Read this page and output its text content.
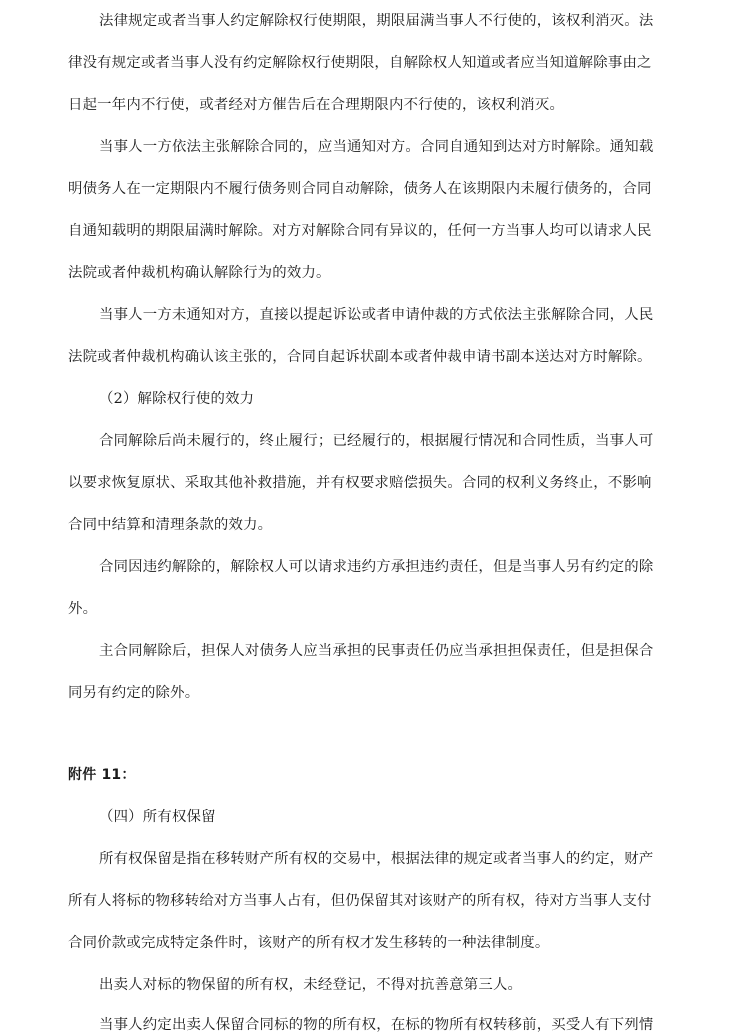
法律规定或者当事人约定解除权行使期限，期限届满当事人不行使的，该权利消灭。法
律没有规定或者当事人没有约定解除权行使期限，自解除权人知道或者应当知道解除事由之
日起一年内不行使，或者经对方催告后在合理期限内不行使的，该权利消灭。
当事人一方依法主张解除合同的，应当通知对方。合同自通知到达对方时解除。通知载
明债务人在一定期限内不履行债务则合同自动解除，债务人在该期限内未履行债务的，合同
自通知载明的期限届满时解除。对方对解除合同有异议的，任何一方当事人均可以请求人民
法院或者仲裁机构确认解除行为的效力。
当事人一方未通知对方，直接以提起诉讼或者申请仲裁的方式依法主张解除合同，人民
法院或者仲裁机构确认该主张的，合同自起诉状副本或者仲裁申请书副本送达对方时解除。
（2）解除权行使的效力
合同解除后尚未履行的，终止履行；已经履行的，根据履行情况和合同性质，当事人可
以要求恢复原状、采取其他补救措施，并有权要求赔偿损失。合同的权利义务终止，不影响
合同中结算和清理条款的效力。
合同因违约解除的，解除权人可以请求违约方承担违约责任，但是当事人另有约定的除
外。
主合同解除后，担保人对债务人应当承担的民事责任仍应当承担担保责任，但是担保合
同另有约定的除外。
附件 11：
（四）所有权保留
所有权保留是指在移转财产所有权的交易中，根据法律的规定或者当事人的约定，财产
所有人将标的物移转给对方当事人占有，但仍保留其对该财产的所有权，待对方当事人支付
合同价款或完成特定条件时，该财产的所有权才发生移转的一种法律制度。
出卖人对标的物保留的所有权，未经登记，不得对抗善意第三人。
当事人约定出卖人保留合同标的物的所有权，在标的物所有权转移前，买受人有下列情
